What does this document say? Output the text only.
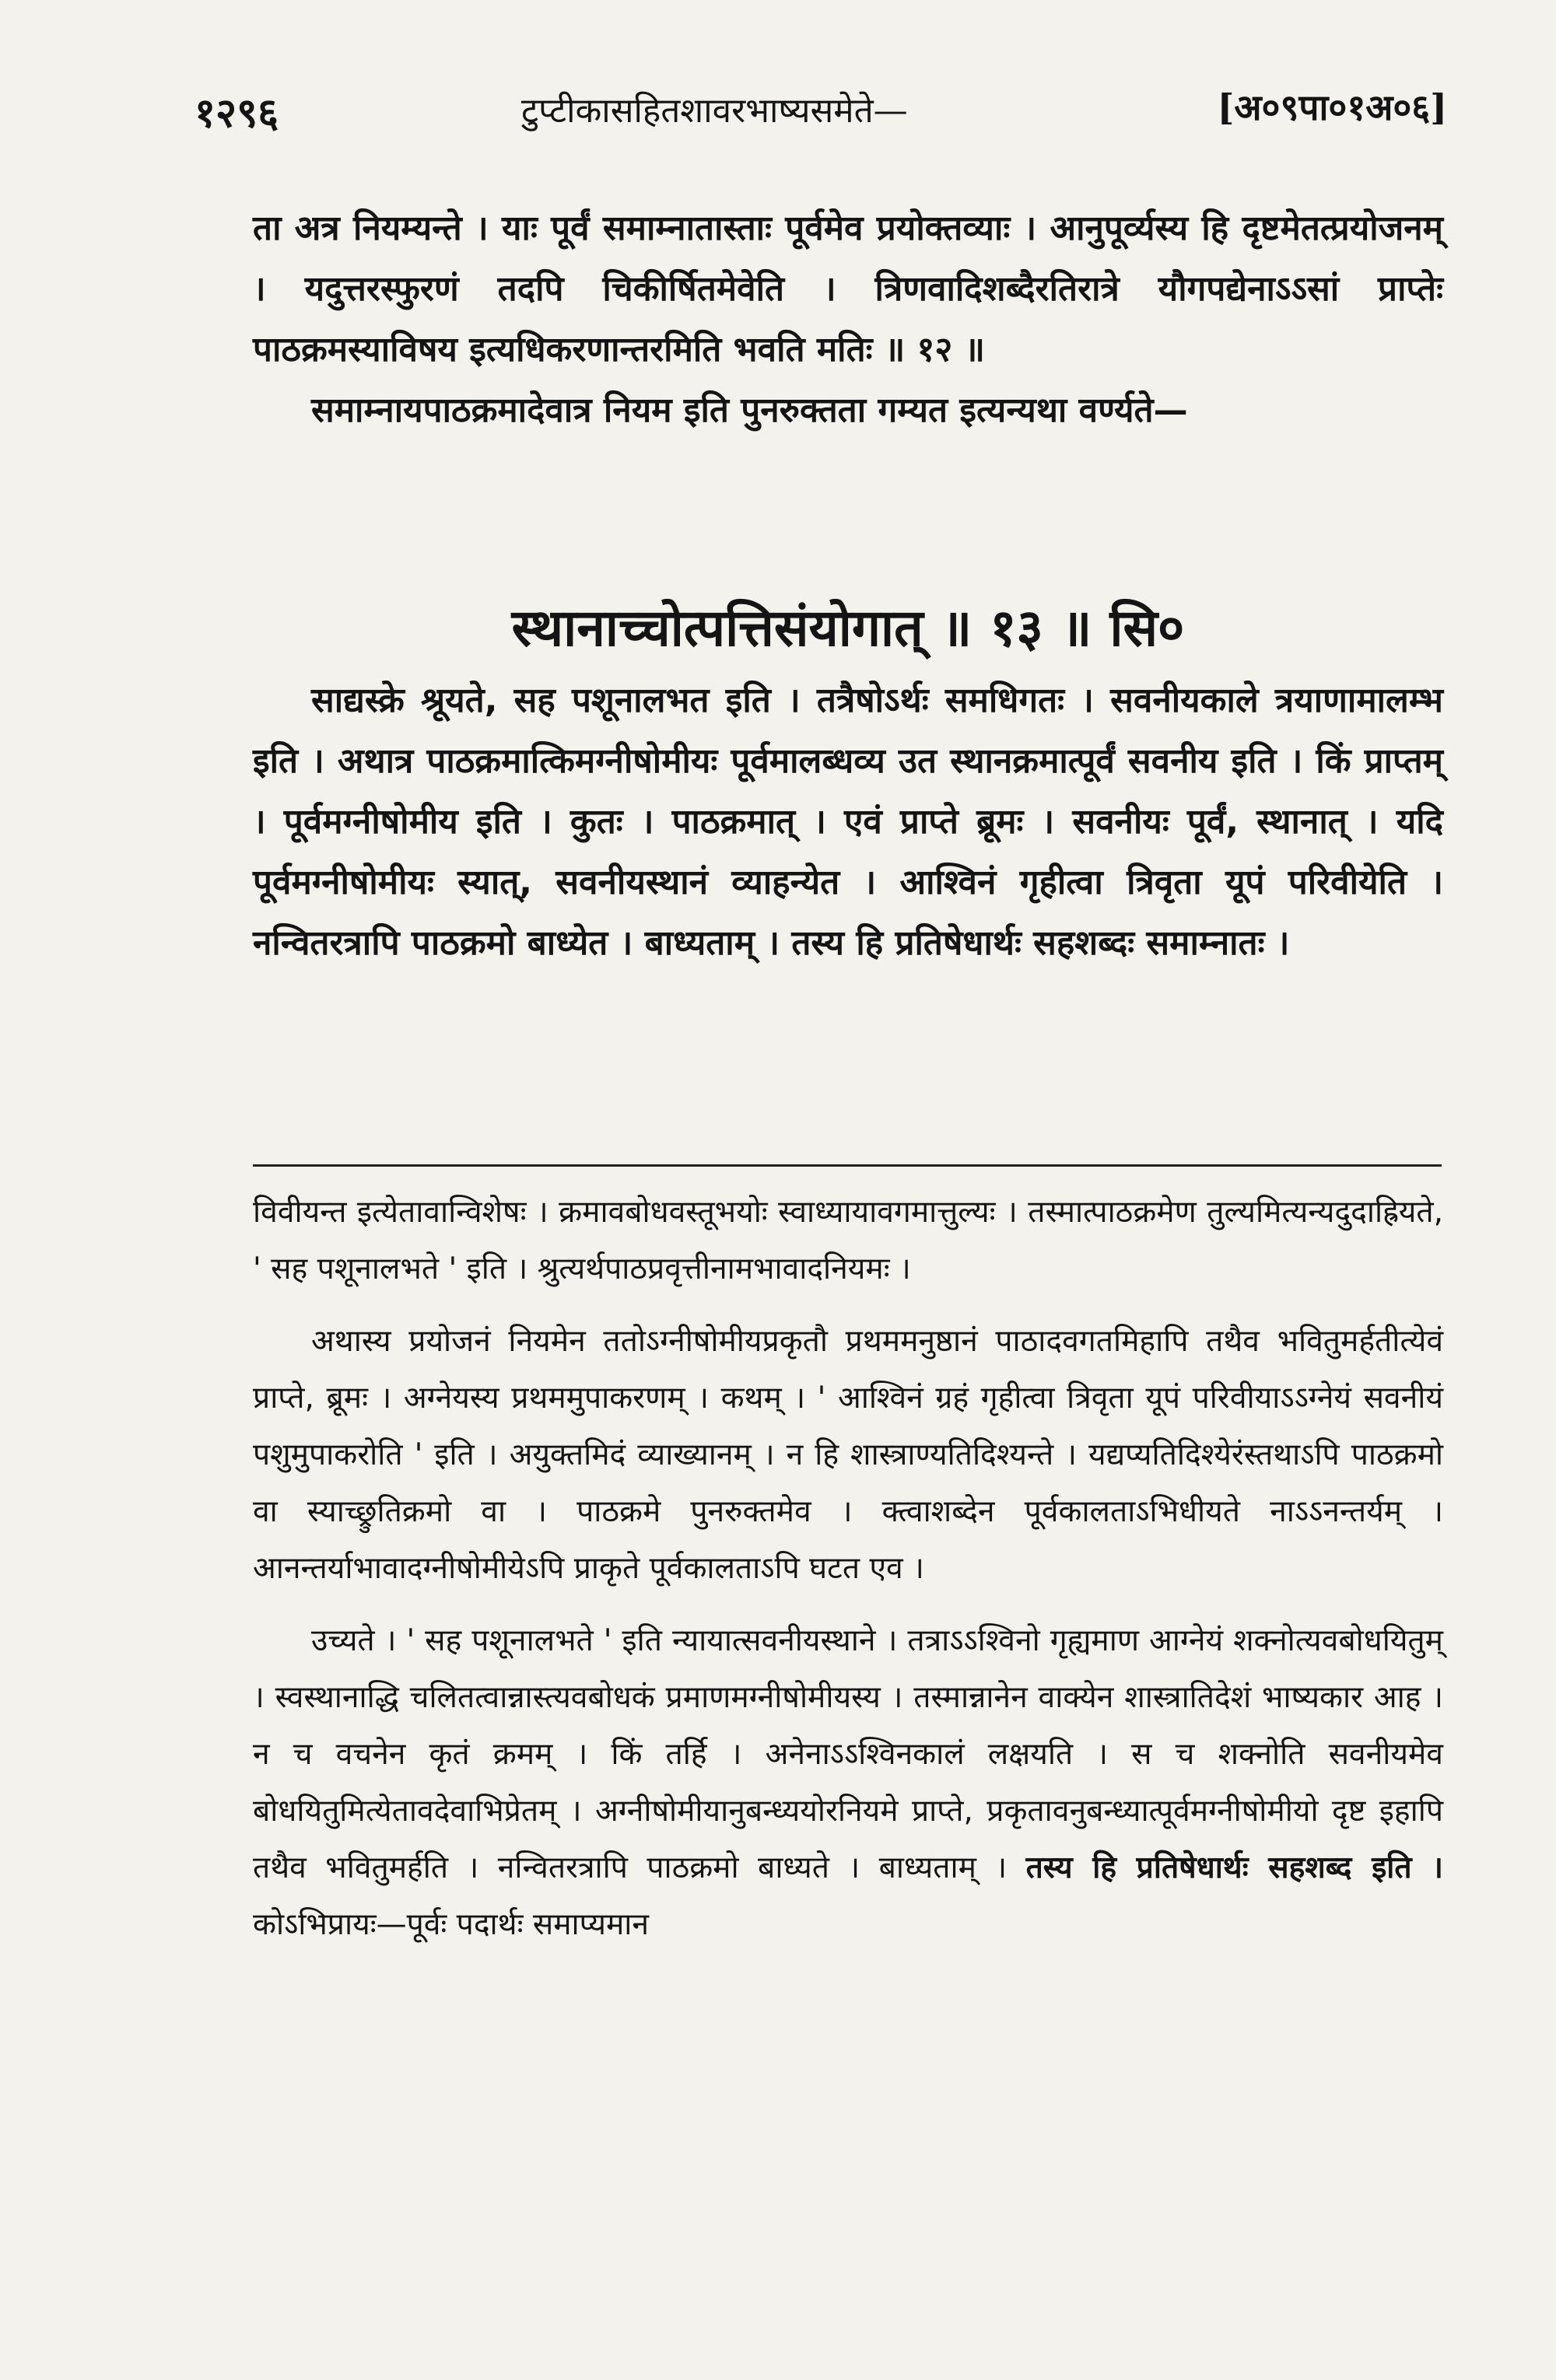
१२९६	टुप्टीकासहितशावरभाष्यसमेते—	[अ०९पा०१अ०६]

ता अत्र नियम्यन्ते । याः पूर्वं समाम्नातास्ताः पूर्वमेव प्रयोक्तव्याः । आनुपूर्व्यस्य हि दृष्टमेतत्प्रयोजनम् । यदुत्तरस्फुरणं तदपि चिकीर्षितमेवेति । त्रिणवादिशब्दैरतिरात्रे यौगपद्येनाऽऽसां प्राप्तेः पाठक्रमस्याविषय इत्यधिकरणान्तरमिति भवति मतिः ॥ १२ ॥

समाम्नायपाठक्रमादेवात्र नियम इति पुनरुक्तता गम्यत इत्यन्यथा वर्ण्यते—

स्थानाच्चोत्पत्तिसंयोगात् ॥ १३ ॥ सि०

साद्यस्क्रे श्रूयते, सह पशूनालभत इति । तत्रैषोऽर्थः समधिगतः । सवनीयकाले त्रयाणामालम्भ इति । अथात्र पाठक्रमात्किमग्नीषोमीयः पूर्वमालब्धव्य उत स्थानक्रमात्पूर्वं सवनीय इति । किं प्राप्तम् । पूर्वमग्नीषोमीय इति । कुतः । पाठक्रमात् । एवं प्राप्ते ब्रूमः । सवनीयः पूर्वं, स्थानात् । यदि पूर्वमग्नीषोमीयः स्यात्, सवनीयस्थानं व्याहन्येत । आश्विनं गृहीत्वा त्रिवृता यूपं परिवीयेति । नन्वितरत्रापि पाठक्रमो बाध्येत । बाध्यताम् । तस्य हि प्रतिषेधार्थः सहशब्दः समाम्नातः ।

विवीयन्त इत्येतावान्विशेषः । क्रमावबोधवस्तूभयोः स्वाध्यायावगमात्तुल्यः । तस्मात्पाठक्रमेण तुल्यमित्यन्यदुदाह्रियते, ' सह पशूनालभते ' इति । श्रुत्यर्थपाठप्रवृत्तीनामभावादनियमः ।

अथास्य प्रयोजनं नियमेन ततोऽग्नीषोमीयप्रकृतौ प्रथममनुष्ठानं पाठादवगतमिहापि तथैव भवितुमर्हतीत्येवं प्राप्ते, ब्रूमः । अग्नेयस्य प्रथममुपाकरणम् । कथम् । ' आश्विनं ग्रहं गृहीत्वा त्रिवृता यूपं परिवीयाऽऽग्नेयं सवनीयं पशुमुपाकरोति ' इति । अयुक्तमिदं व्याख्यानम् । न हि शास्त्राण्यतिदिश्यन्ते । यद्यप्यतिदिश्येरंस्तथाऽपि पाठक्रमो वा स्याच्छ्रुतिक्रमो वा । पाठक्रमे पुनरुक्तमेव । क्त्वाशब्देन पूर्वकालताऽभिधीयते नाऽऽनन्तर्यम् । आनन्तर्याभावादग्नीषोमीयेऽपि प्राकृते पूर्वकालताऽपि घटत एव ।

उच्यते । ' सह पशूनालभते ' इति न्यायात्सवनीयस्थाने । तत्राऽऽश्विनो गृह्यमाण आग्नेयं शक्नोत्यवबोधयितुम् । स्वस्थानाद्धि चलितत्वान्नास्त्यवबोधकं प्रमाणमग्नीषोमीयस्य । तस्मान्नानेन वाक्येन शास्त्रातिदेशं भाष्यकार आह । न च वचनेन कृतं क्रमम् । किं तर्हि । अनेनाऽऽश्विनकालं लक्षयति । स च शक्नोति सवनीयमेव बोधयितुमित्येतावदेवाभिप्रेतम् । अग्नीषोमीयानुबन्ध्ययोरनियमे प्राप्ते, प्रकृतावनुबन्ध्यात्पूर्वमग्नीषोमीयो दृष्ट इहापि तथैव भवितुमर्हति । नन्वितरत्रापि पाठक्रमो बाध्यते । बाध्यताम् । तस्य हि प्रतिषेधार्थः सहशब्द इति । कोऽभिप्रायः—पूर्वः पदार्थः समाप्यमान
